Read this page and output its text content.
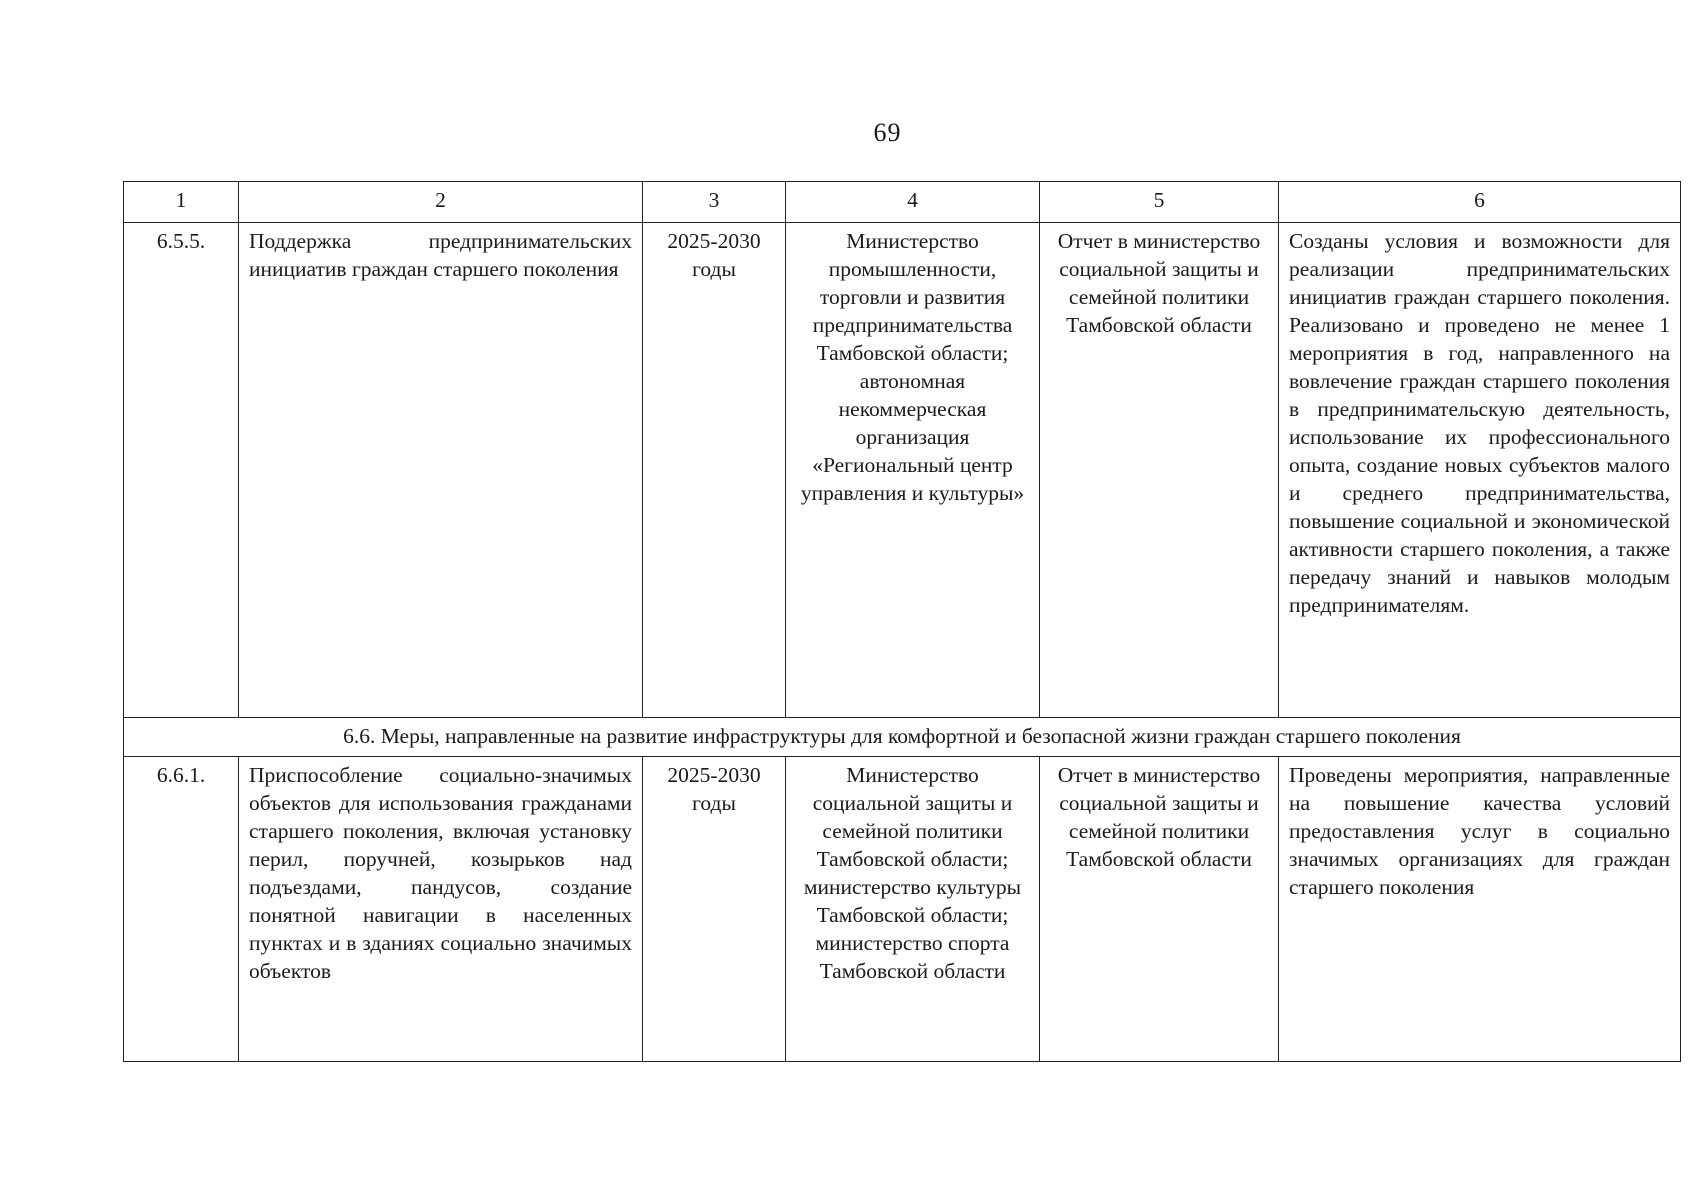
69
1	2	3	4	5	6
6.5.5.	Поддержка предпринимательских инициатив граждан старшего поколения	2025-2030 годы	Министерство промышленности, торговли и развития предпринимательства Тамбовской области; автономная некоммерческая организация «Региональный центр управления и культуры»	Отчет в министерство социальной защиты и семейной политики Тамбовской области	Созданы условия и возможности для реализации предпринимательских инициатив граждан старшего поколения. Реализовано и проведено не менее 1 мероприятия в год, направленного на вовлечение граждан старшего поколения в предпринимательскую деятельность, использование их профессионального опыта, создание новых субъектов малого и среднего предпринимательства, повышение социальной и экономической активности старшего поколения, а также передачу знаний и навыков молодым предпринимателям.
6.6. Меры, направленные на развитие инфраструктуры для комфортной и безопасной жизни граждан старшего поколения					
6.6.1.	Приспособление социально-значимых объектов для использования гражданами старшего поколения, включая установку перил, поручней, козырьков над подъездами, пандусов, создание понятной навигации в населенных пунктах и в зданиях социально значимых объектов	2025-2030 годы	Министерство социальной защиты и семейной политики Тамбовской области; министерство культуры Тамбовской области; министерство спорта Тамбовской области	Отчет в министерство социальной защиты и семейной политики Тамбовской области	Проведены мероприятия, направленные на повышение качества условий предоставления услуг в социально значимых организациях для граждан старшего поколения
